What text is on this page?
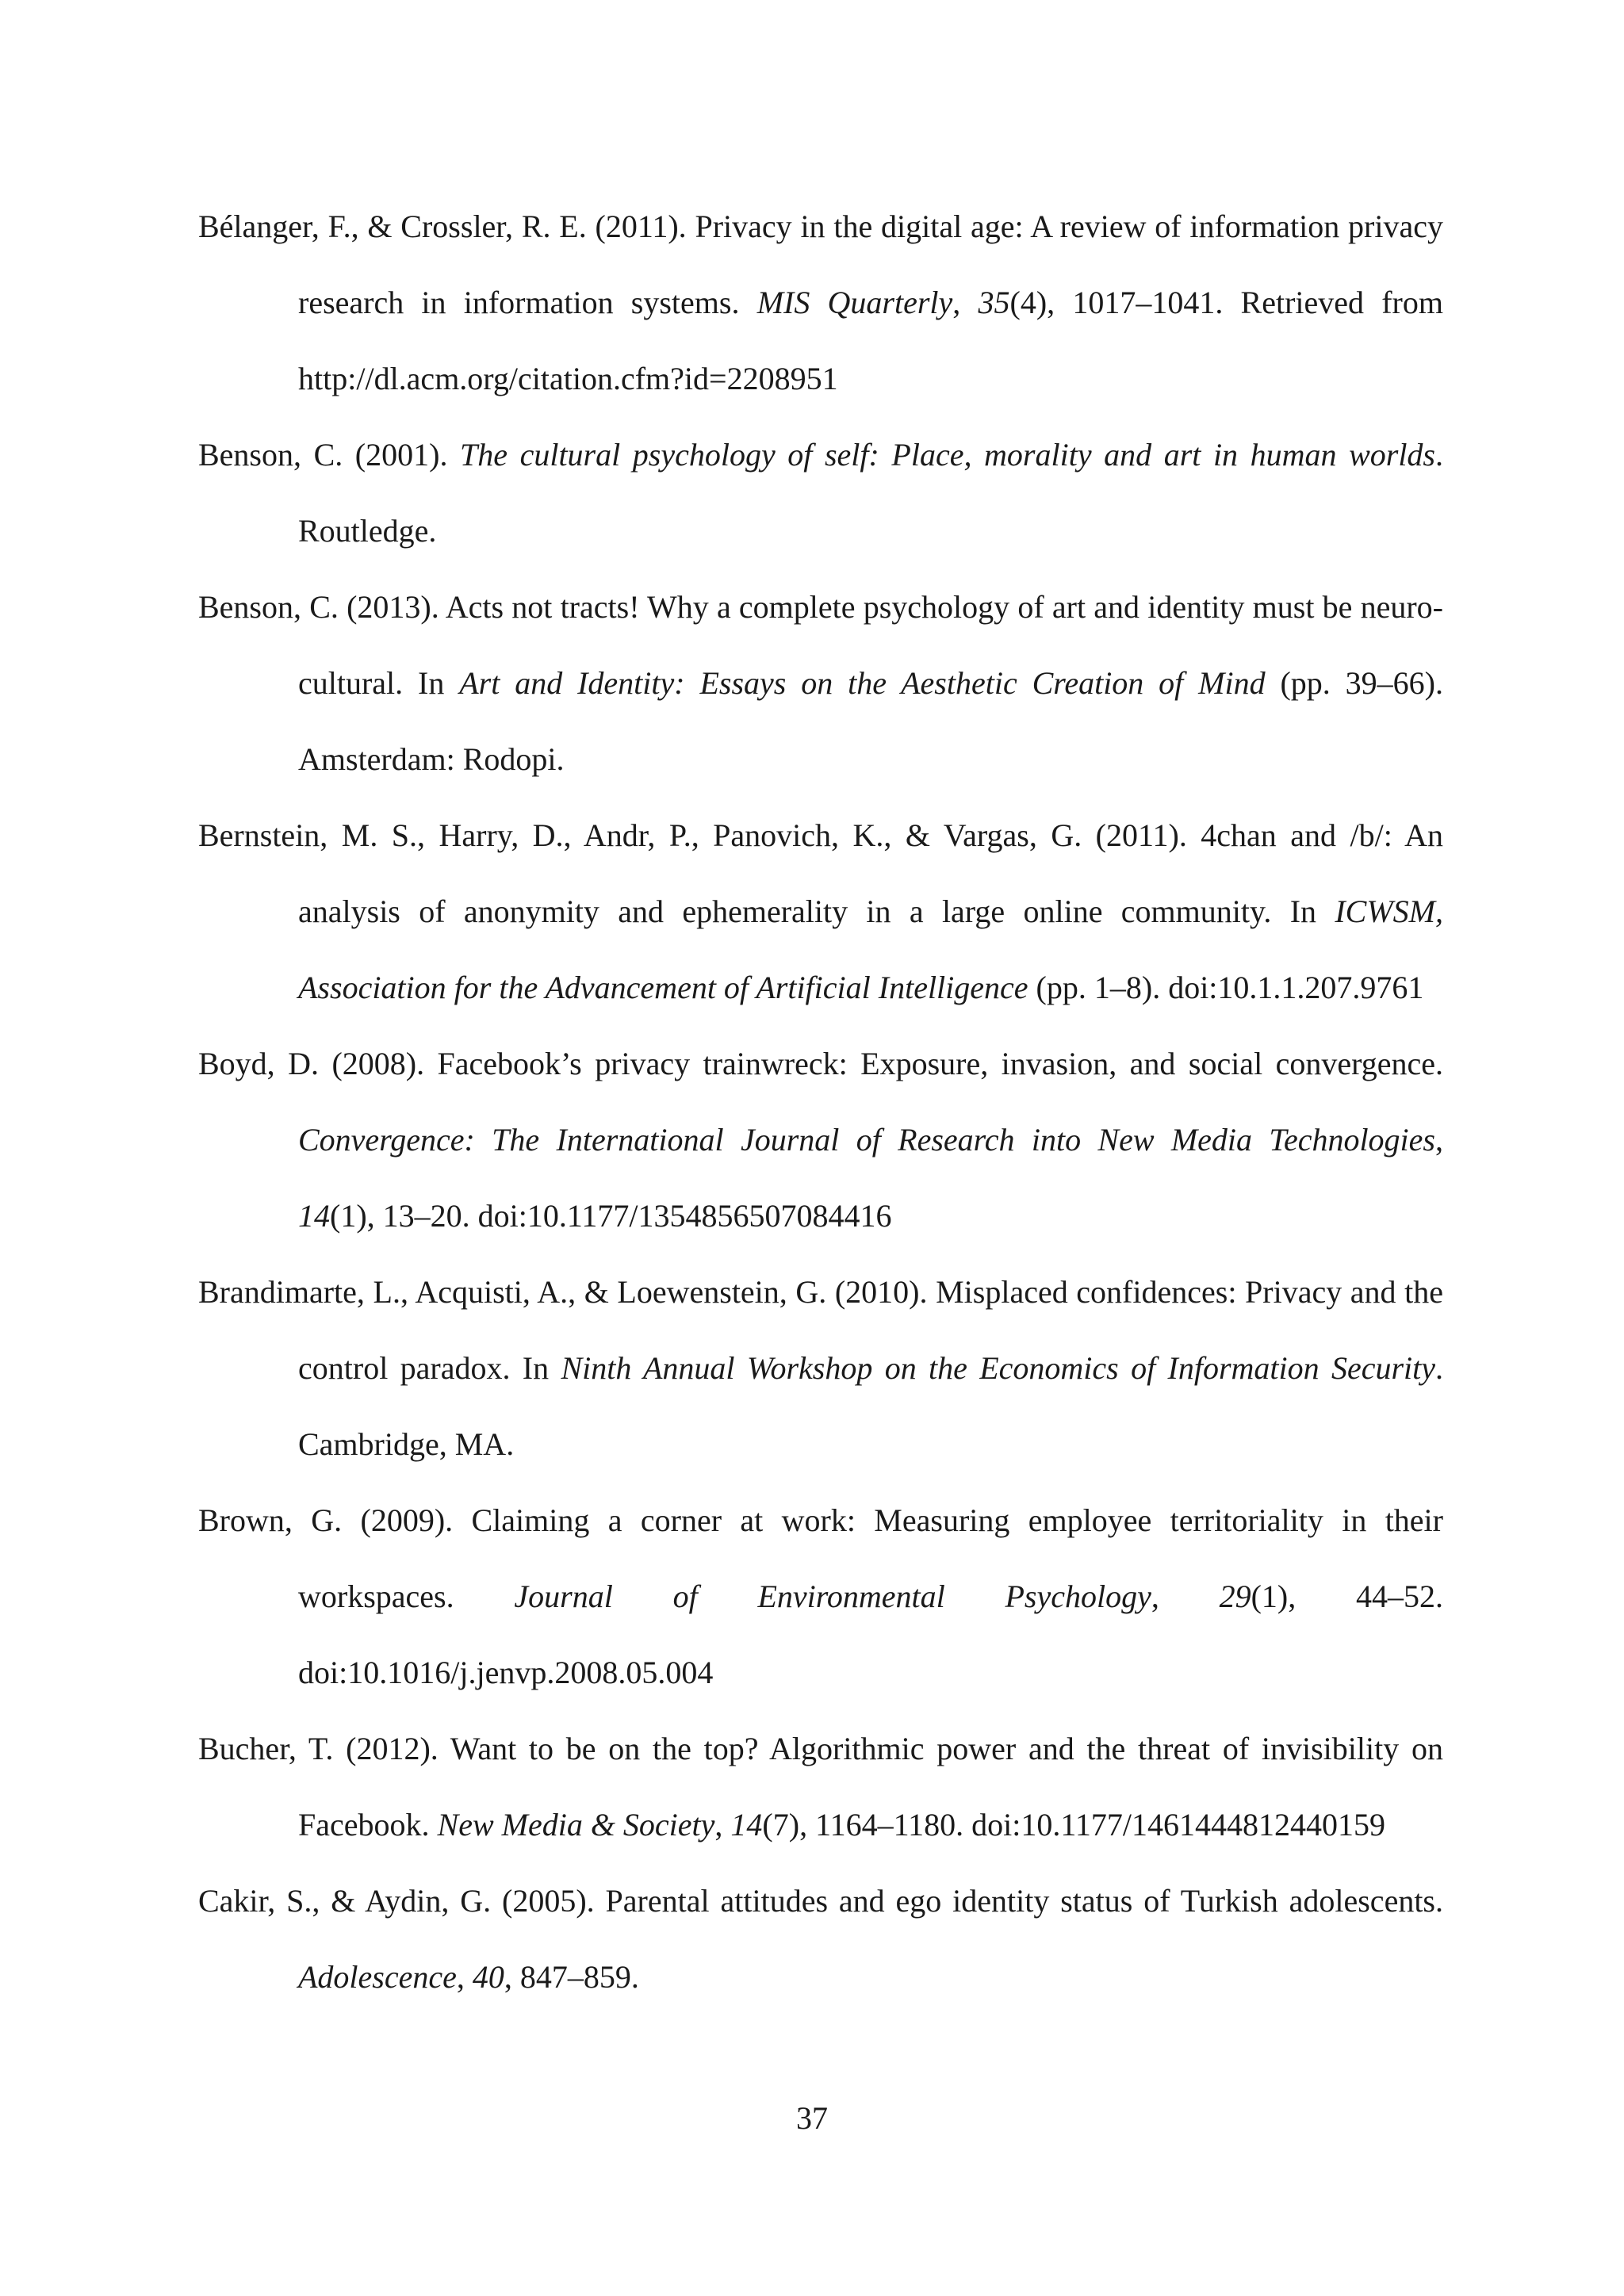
Bélanger, F., & Crossler, R. E. (2011). Privacy in the digital age: A review of information privacy research in information systems. MIS Quarterly, 35(4), 1017–1041. Retrieved from http://dl.acm.org/citation.cfm?id=2208951

Benson, C. (2001). The cultural psychology of self: Place, morality and art in human worlds. Routledge.

Benson, C. (2013). Acts not tracts! Why a complete psychology of art and identity must be neuro-cultural. In Art and Identity: Essays on the Aesthetic Creation of Mind (pp. 39–66). Amsterdam: Rodopi.

Bernstein, M. S., Harry, D., Andr, P., Panovich, K., & Vargas, G. (2011). 4chan and /b/: An analysis of anonymity and ephemerality in a large online community. In ICWSM, Association for the Advancement of Artificial Intelligence (pp. 1–8). doi:10.1.1.207.9761

Boyd, D. (2008). Facebook’s privacy trainwreck: Exposure, invasion, and social convergence. Convergence: The International Journal of Research into New Media Technologies, 14(1), 13–20. doi:10.1177/1354856507084416

Brandimarte, L., Acquisti, A., & Loewenstein, G. (2010). Misplaced confidences: Privacy and the control paradox. In Ninth Annual Workshop on the Economics of Information Security. Cambridge, MA.

Brown, G. (2009). Claiming a corner at work: Measuring employee territoriality in their workspaces. Journal of Environmental Psychology, 29(1), 44–52. doi:10.1016/j.jenvp.2008.05.004

Bucher, T. (2012). Want to be on the top? Algorithmic power and the threat of invisibility on Facebook. New Media & Society, 14(7), 1164–1180. doi:10.1177/1461444812440159

Cakir, S., & Aydin, G. (2005). Parental attitudes and ego identity status of Turkish adolescents. Adolescence, 40, 847–859.

37
